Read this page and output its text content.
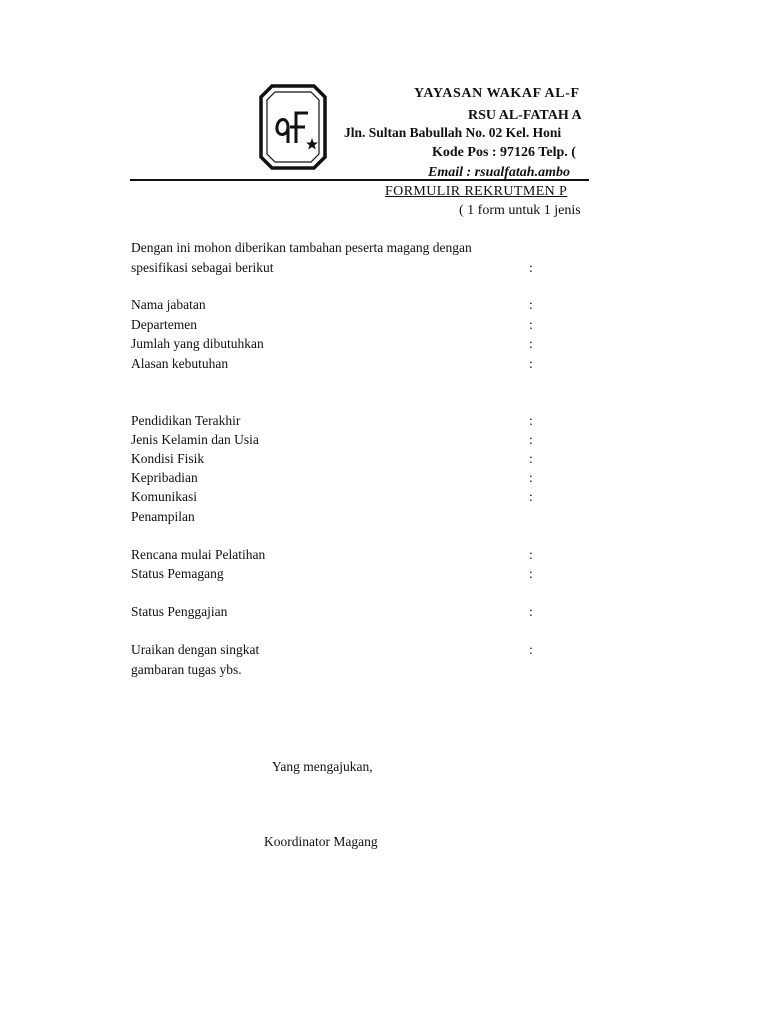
YAYASAN WAKAF AL-F
RSU AL-FATAH A
Jln. Sultan Babullah No. 02 Kel. Honi
Kode Pos : 97126 Telp. (
Email : rsualfatah.ambo
FORMULIR REKRUTMEN P
( 1 form untuk 1 jenis
Dengan ini mohon diberikan tambahan peserta magang dengan
spesifikasi sebagai berikut	:
Nama jabatan	:
Departemen	:
Jumlah yang dibutuhkan	:
Alasan kebutuhan	:
Pendidikan Terakhir	:
Jenis Kelamin dan Usia	:
Kondisi Fisik	:
Kepribadian	:
Komunikasi	:
Penampilan
Rencana mulai Pelatihan	:
Status Pemagang	:
Status Penggajian	:
Uraikan dengan singkat	:
gambaran tugas ybs.
Yang mengajukan,
Koordinator Magang
